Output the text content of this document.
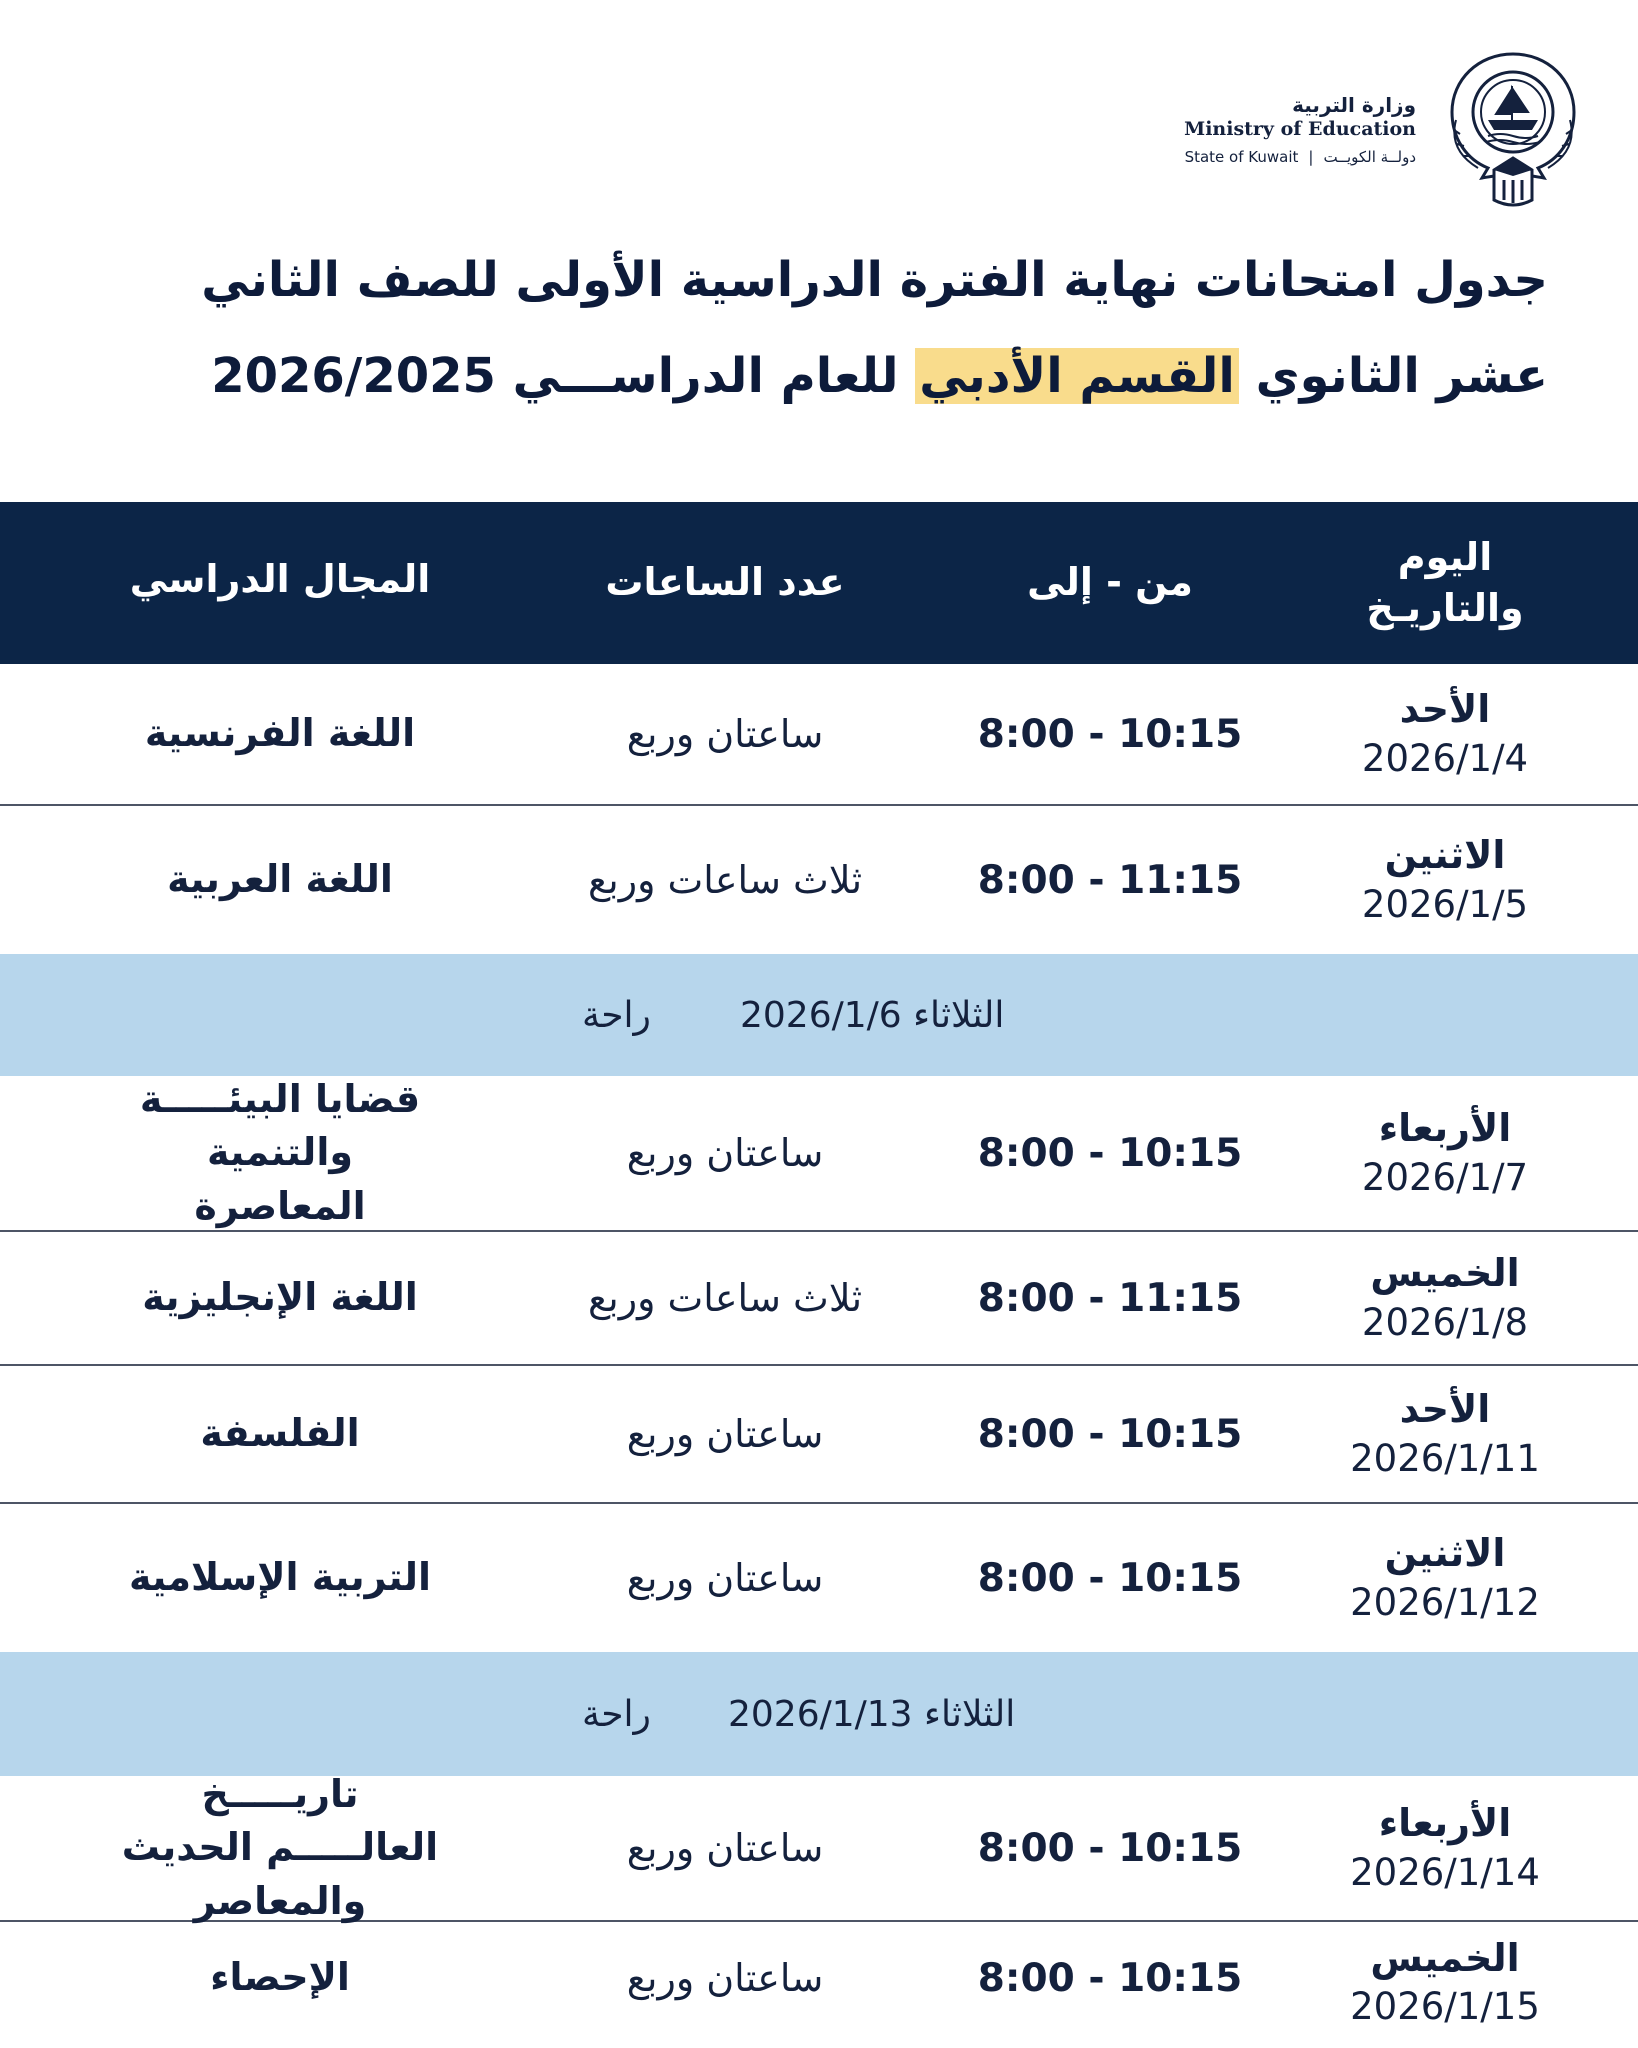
وزارة التربية
Ministry of Education
State of Kuwait | دولــة الكويــت
جدول امتحانات نهاية الفترة الدراسية الأولى للصف الثاني
عشر الثانوي القسم الأدبي للعام الدراســـي 2026/2025
اليوم والتاريـخ
من - إلى
عدد الساعات
المجال الدراسي
الأحد
2026/1/4
8:00 - 10:15
ساعتان وربع
اللغة الفرنسية
الاثنين
2026/1/5
8:00 - 11:15
ثلاث ساعات وربع
اللغة العربية
الثلاثاء 2026/1/6
راحة
الأربعاء
2026/1/7
8:00 - 10:15
ساعتان وربع
قضايا البيئـــــة والتنمية المعاصرة
الخميس
2026/1/8
8:00 - 11:15
ثلاث ساعات وربع
اللغة الإنجليزية
الأحد
2026/1/11
8:00 - 10:15
ساعتان وربع
الفلسفة
الاثنين
2026/1/12
8:00 - 10:15
ساعتان وربع
التربية الإسلامية
الثلاثاء 2026/1/13
راحة
الأربعاء
2026/1/14
8:00 - 10:15
ساعتان وربع
تاريـــــخ العالـــــم الحديث والمعاصر
الخميس
2026/1/15
8:00 - 10:15
ساعتان وربع
الإحصاء
